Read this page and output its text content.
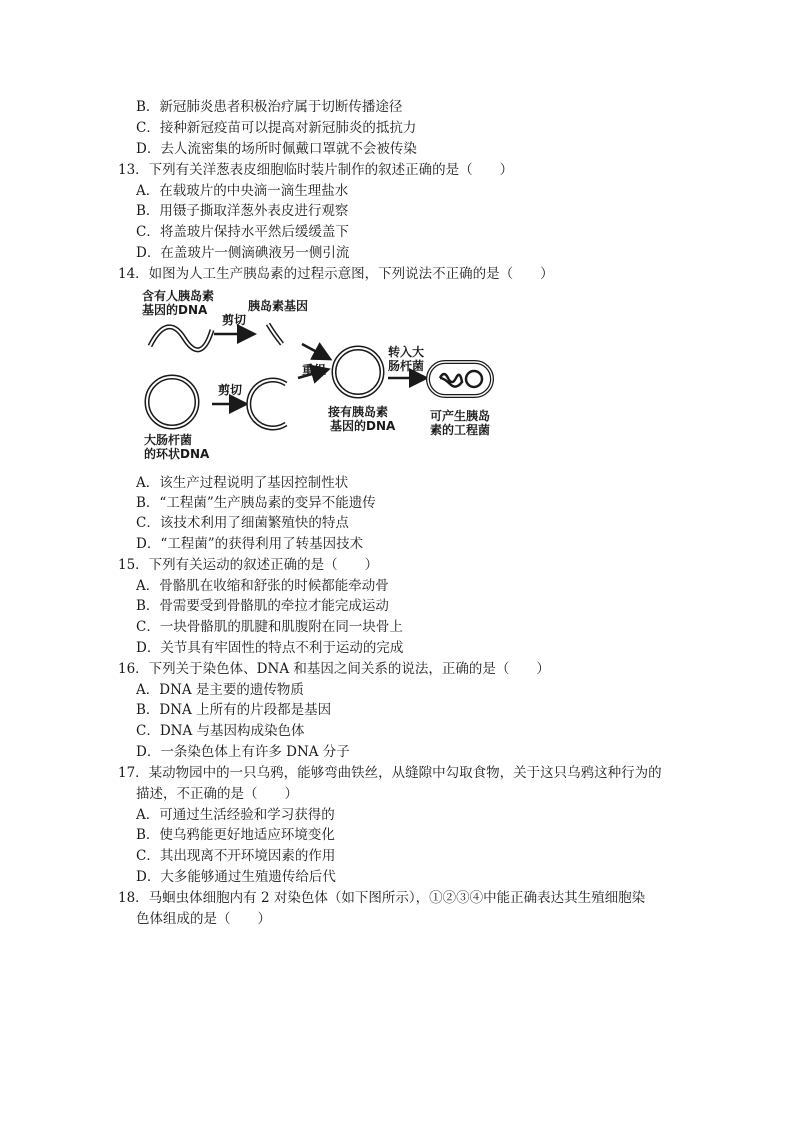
B．新冠肺炎患者积极治疗属于切断传播途径
C．接种新冠疫苗可以提高对新冠肺炎的抵抗力
D．去人流密集的场所时佩戴口罩就不会被传染
13．下列有关洋葱表皮细胞临时装片制作的叙述正确的是（　　）
A．在载玻片的中央滴一滴生理盐水
B．用镊子撕取洋葱外表皮进行观察
C．将盖玻片保持水平然后缓缓盖下
D．在盖玻片一侧滴碘液另一侧引流
14．如图为人工生产胰岛素的过程示意图，下列说法不正确的是（　　）
含有人胰岛素
基因的DNA
剪切
胰岛素基因
重组
大肠杆菌
的环状DNA
剪切
接有胰岛素
基因的DNA
转入大
肠杆菌
可产生胰岛
素的工程菌
A．该生产过程说明了基因控制性状
B．“工程菌”生产胰岛素的变异不能遗传
C．该技术利用了细菌繁殖快的特点
D．“工程菌”的获得利用了转基因技术
15．下列有关运动的叙述正确的是（　　）
A．骨骼肌在收缩和舒张的时候都能牵动骨
B．骨需要受到骨骼肌的牵拉才能完成运动
C．一块骨骼肌的肌腱和肌腹附在同一块骨上
D．关节具有牢固性的特点不利于运动的完成
16．下列关于染色体、DNA 和基因之间关系的说法，正确的是（　　）
A．DNA 是主要的遗传物质
B．DNA 上所有的片段都是基因
C．DNA 与基因构成染色体
D．一条染色体上有许多 DNA 分子
17．某动物园中的一只乌鸦，能够弯曲铁丝，从缝隙中勾取食物，关于这只乌鸦这种行为的
描述，不正确的是（　　）
A．可通过生活经验和学习获得的
B．使乌鸦能更好地适应环境变化
C．其出现离不开环境因素的作用
D．大多能够通过生殖遗传给后代
18．马蛔虫体细胞内有 2 对染色体（如下图所示），①②③④中能正确表达其生殖细胞染
色体组成的是（　　）
